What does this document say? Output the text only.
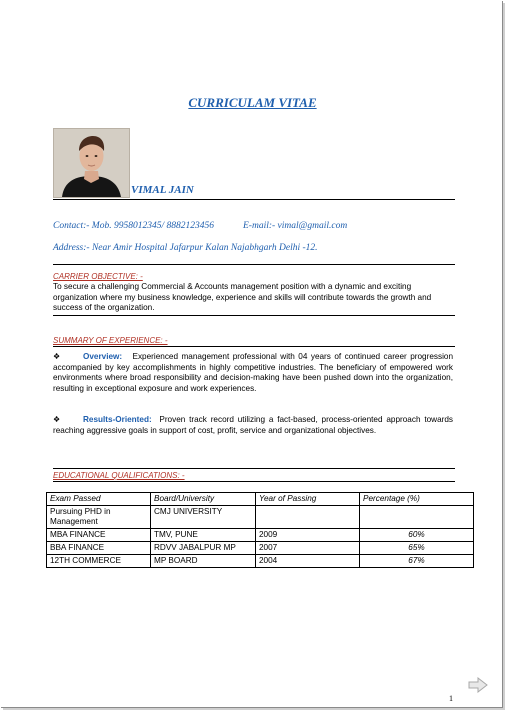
CURRICULAM VITAE
VIMAL JAIN
Contact:- Mob. 9958012345/ 8882123456	E-mail:- vimal@gmail.com
Address:- Near Amir Hospital Jafarpur Kalan Najabhgarh Delhi -12.
CARRIER OBJECTIVE: -
To secure a challenging Commercial & Accounts management position with a dynamic and exciting organization where my business knowledge, experience and skills will contribute towards the growth and success of the organization.
SUMMARY OF EXPERIENCE: -
❖	Overview: Experienced management professional with 04 years of continued career progression accompanied by key accomplishments in highly competitive industries. The beneficiary of empowered work environments where broad responsibility and decision-making have been pushed down into the organization, resulting in exceptional exposure and work experiences.
❖	Results-Oriented: Proven track record utilizing a fact-based, process-oriented approach towards reaching aggressive goals in support of cost, profit, service and organizational objectives.
EDUCATIONAL QUALIFICATIONS: -
Exam Passed	Board/University	Year of Passing	Percentage (%)
Pursuing PHD in Management	CMJ UNIVERSITY		
MBA FINANCE	TMV, PUNE	2009	60%
BBA FINANCE	RDVV JABALPUR MP	2007	65%
12TH COMMERCE	MP BOARD	2004	67%
1
